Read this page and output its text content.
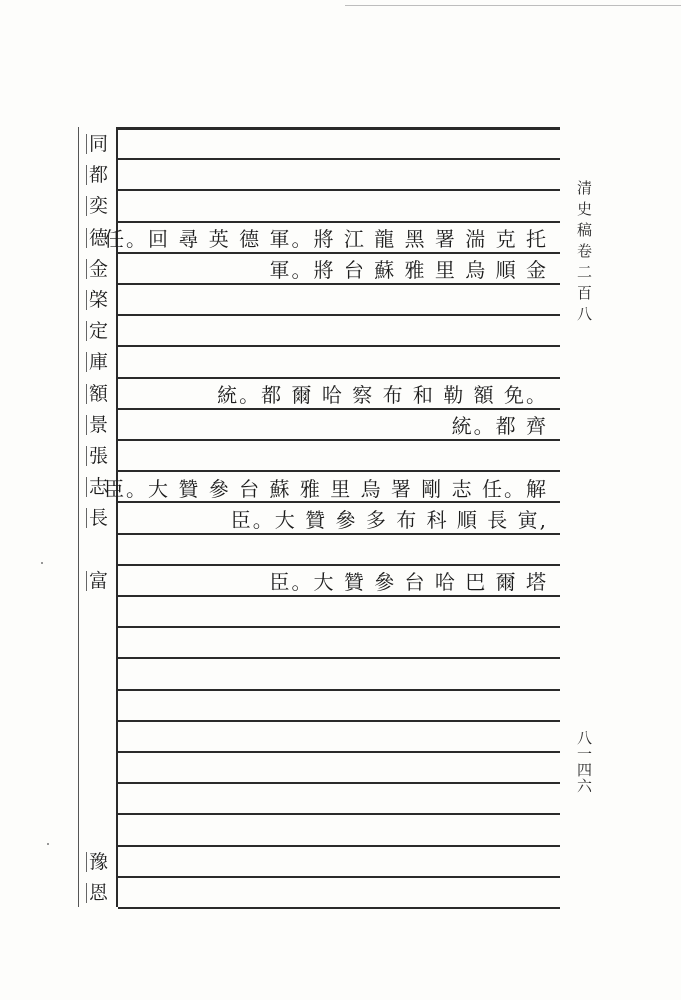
任。回 尋 英 德 軍。將 江 龍 黑 署 湍 克 托
軍。將 台 蘇 雅 里 烏 順 金
統。都 爾 哈 察 布 和 勒 額 免。
統。都 齊
臣。大 贊 參 台 蘇 雅 里 烏 署 剛 志 任。解
臣。大 贊 參 多 布 科 順 長 寅,
臣。大 贊 參 台 哈 巴 爾 塔
同
都
奕
德
金
棨
定
庫
額
景
張
志
長
富
豫
恩
清史稿卷二百八
八一四六
